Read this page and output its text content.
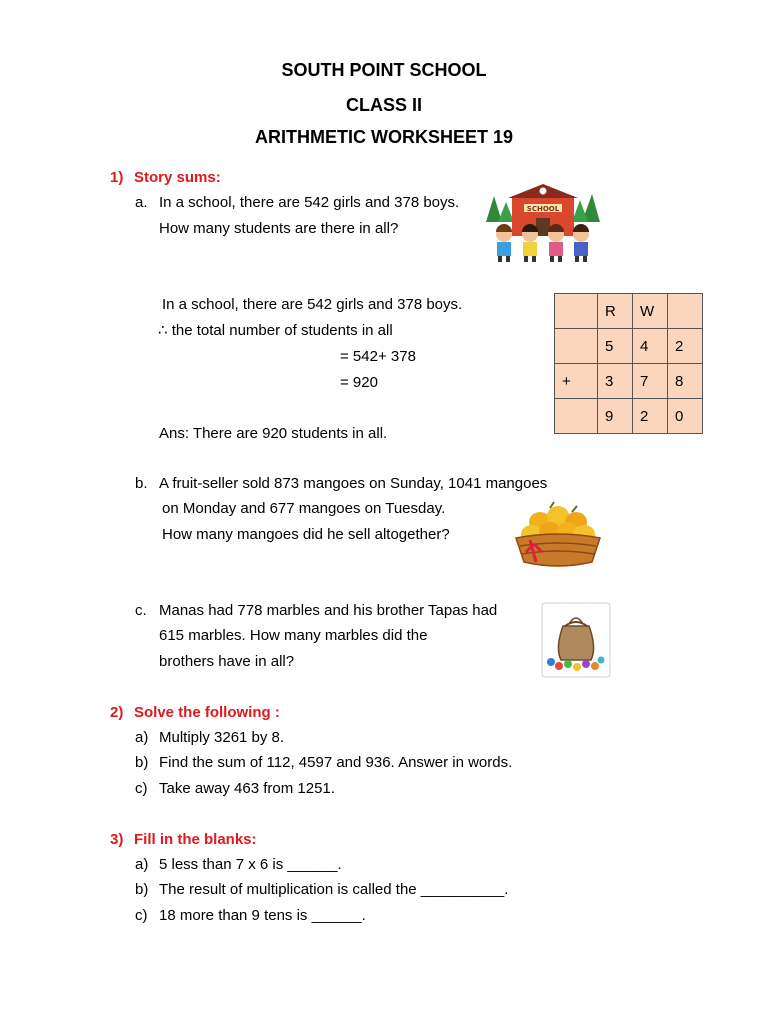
SOUTH POINT SCHOOL
CLASS II
ARITHMETIC WORKSHEET 19
1) Story sums:
a. In a school, there are 542 girls and 378 boys.
How many students are there in all?
SCHOOL
In a school, there are 542 girls and 378 boys.
∴ the total number of students in all
= 542+ 378
= 920
Ans: There are 920 students in all.
	R	W	
	5	4	2
+	3	7	8
	9	2	0
b. A fruit-seller sold 873 mangoes on Sunday, 1041 mangoes
on Monday and 677 mangoes on Tuesday.
How many mangoes did he sell altogether?
c. Manas had 778 marbles and his brother Tapas had
615 marbles. How many marbles did the
brothers have in all?
2) Solve the following :
a) Multiply 3261 by 8.
b) Find the sum of 112, 4597 and 936. Answer in words.
c) Take away 463 from 1251.
3) Fill in the blanks:
a) 5 less than 7 x 6 is ______.
b) The result of multiplication is called the __________.
c) 18 more than 9 tens is ______.
